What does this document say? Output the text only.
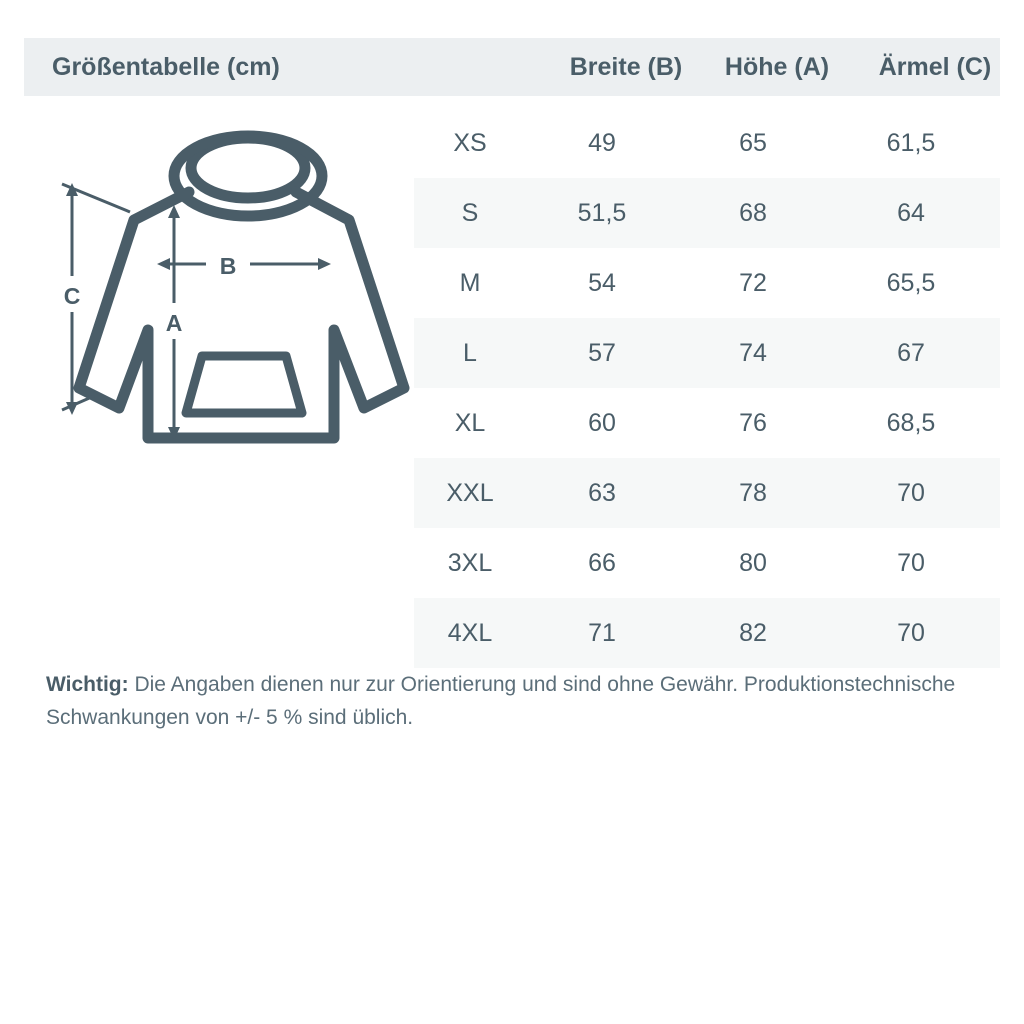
Größentabelle (cm)	Breite (B)	Höhe (A)	Ärmel (C)
B
A
C
XS	49	65	61,5
S	51,5	68	64
M	54	72	65,5
L	57	74	67
XL	60	76	68,5
XXL	63	78	70
3XL	66	80	70
4XL	71	82	70
Wichtig: Die Angaben dienen nur zur Orientierung und sind ohne Gewähr. Produktionstechnische Schwankungen von +/- 5 % sind üblich.
